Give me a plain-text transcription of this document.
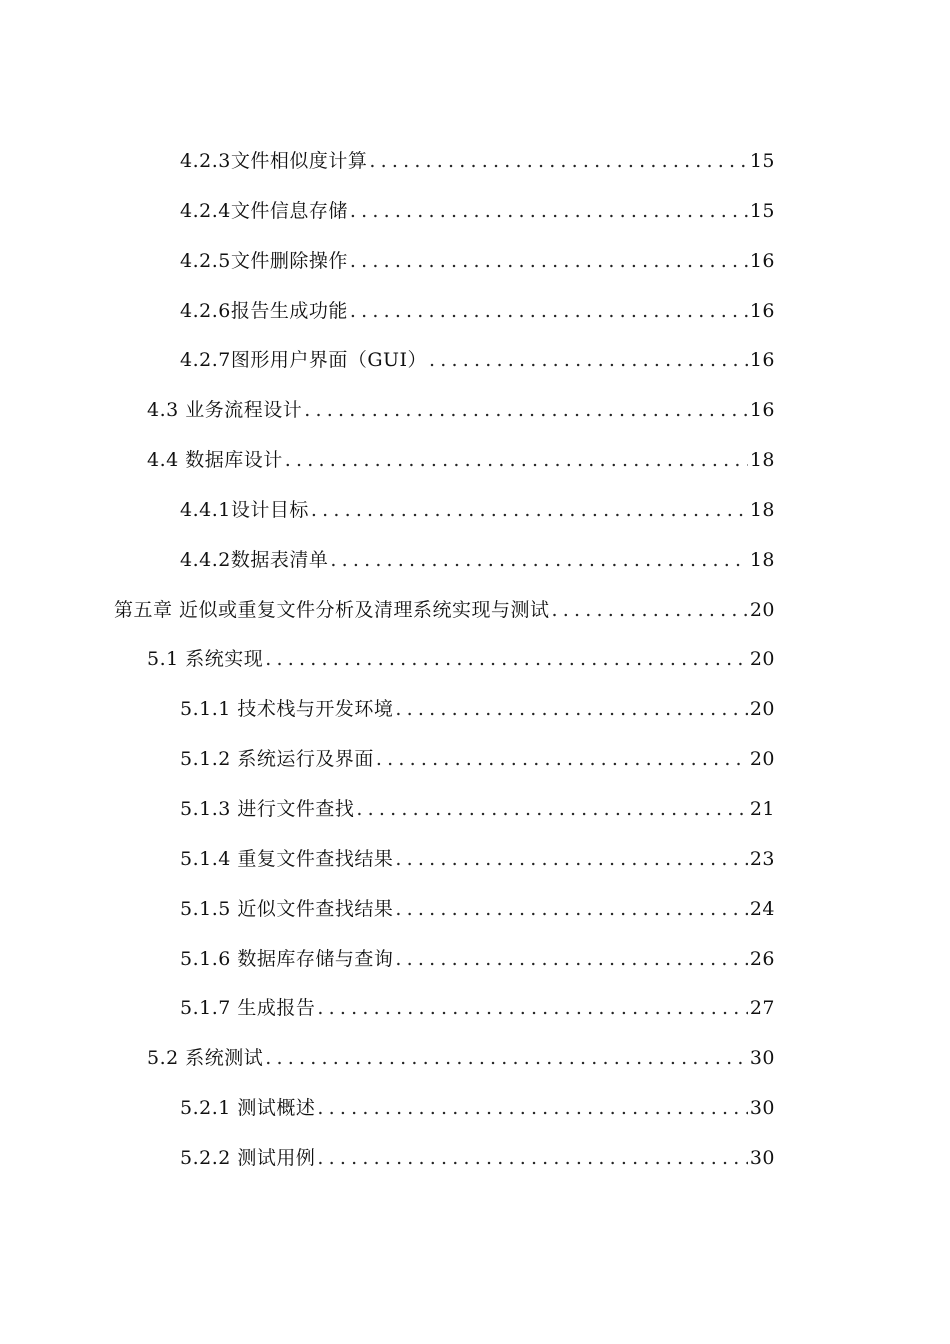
4.2.3文件相似度计算 .....	15
4.2.4文件信息存储 .....	15
4.2.5文件删除操作 .....	16
4.2.6报告生成功能 .....	16
4.2.7图形用户界面（GUI） .....	16
4.3 业务流程设计 .....	16
4.4 数据库设计 .....	18
4.4.1设计目标 .....	18
4.4.2数据表清单 .....	18
第五章 近似或重复文件分析及清理系统实现与测试 .....	20
5.1 系统实现 .....	20
5.1.1 技术栈与开发环境 .....	20
5.1.2 系统运行及界面 .....	20
5.1.3 进行文件查找 .....	21
5.1.4 重复文件查找结果 .....	23
5.1.5 近似文件查找结果 .....	24
5.1.6 数据库存储与查询 .....	26
5.1.7 生成报告 .....	27
5.2 系统测试 .....	30
5.2.1 测试概述 .....	30
5.2.2 测试用例 .....	30
